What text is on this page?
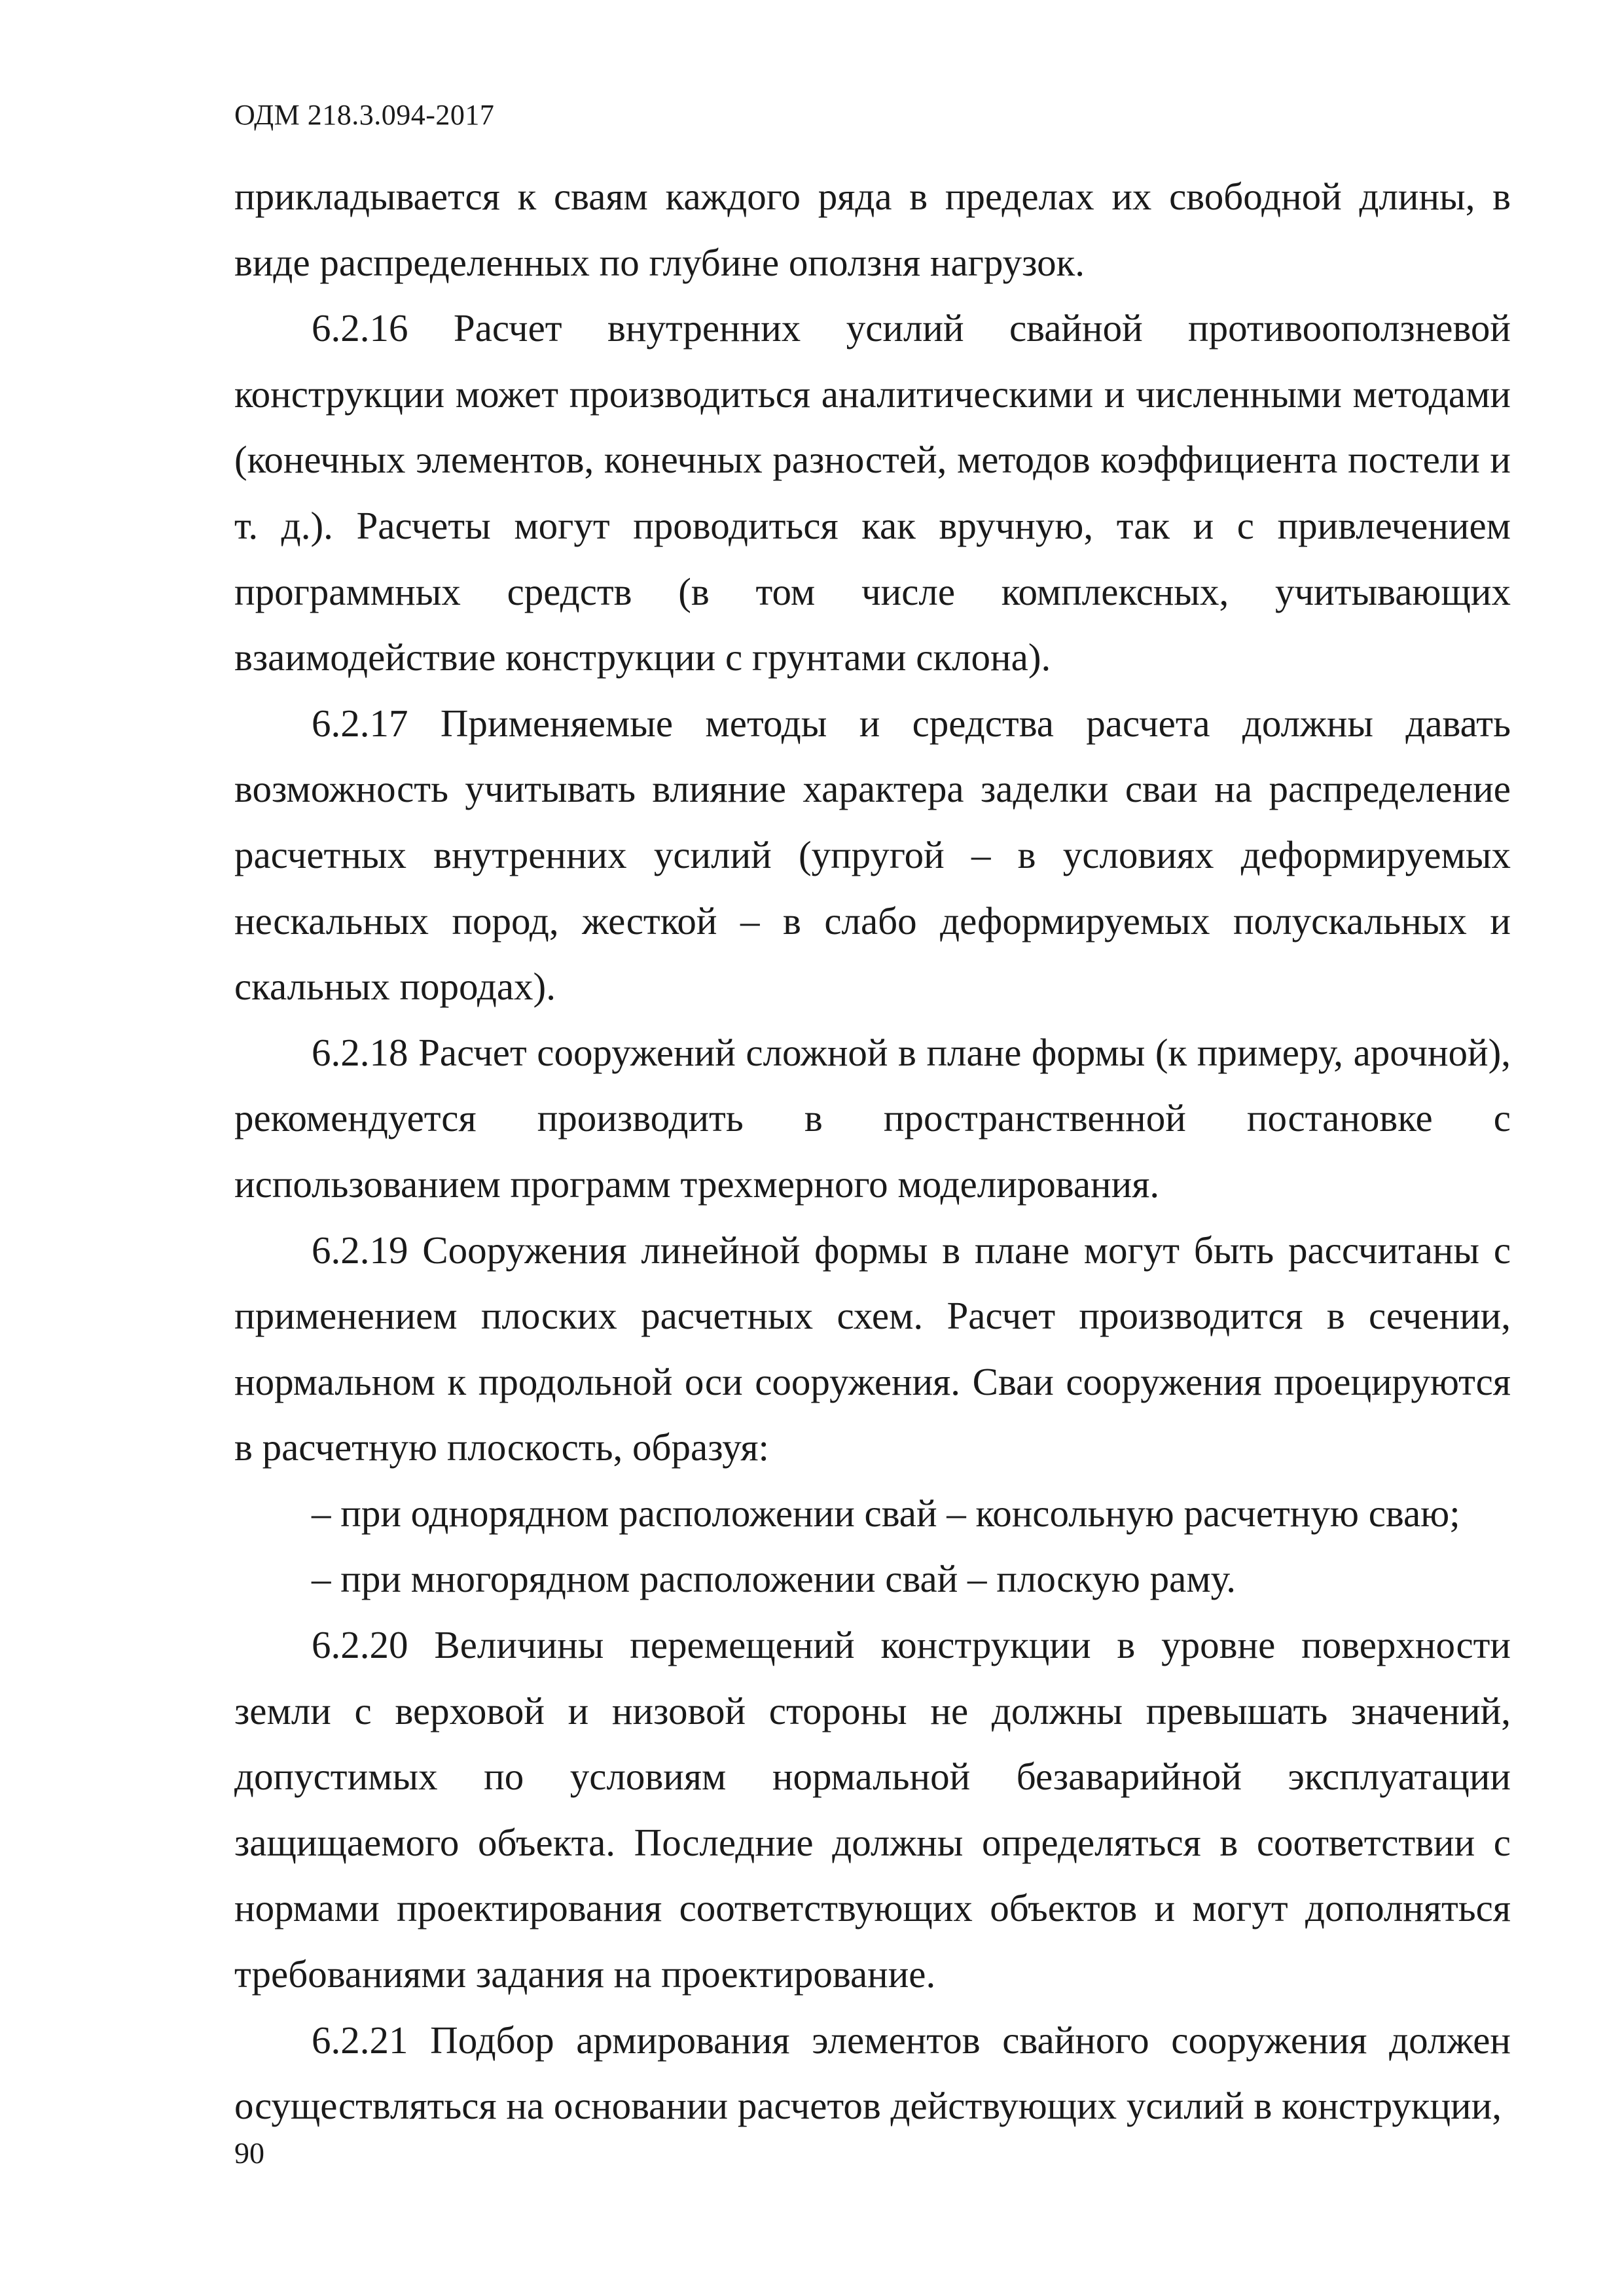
ОДМ 218.3.094-2017

прикладывается к сваям каждого ряда в пределах их свободной длины, в виде распределенных по глубине оползня нагрузок.

6.2.16 Расчет внутренних усилий свайной противооползневой конструкции может производиться аналитическими и численными методами (конечных элементов, конечных разностей, методов коэффициента постели и т. д.). Расчеты могут проводиться как вручную, так и с привлечением программных средств (в том числе комплексных, учитывающих взаимодействие конструкции с грунтами склона).

6.2.17 Применяемые методы и средства расчета должны давать возможность учитывать влияние характера заделки сваи на распределение расчетных внутренних усилий (упругой – в условиях деформируемых нескальных пород, жесткой – в слабо деформируемых полускальных и скальных породах).

6.2.18 Расчет сооружений сложной в плане формы (к примеру, арочной), рекомендуется производить в пространственной постановке с использованием программ трехмерного моделирования.

6.2.19 Сооружения линейной формы в плане могут быть рассчитаны с применением плоских расчетных схем. Расчет производится в сечении, нормальном к продольной оси сооружения. Сваи сооружения проецируются в расчетную плоскость, образуя:

– при однорядном расположении свай – консольную расчетную сваю;

– при многорядном расположении свай – плоскую раму.

6.2.20 Величины перемещений конструкции в уровне поверхности земли с верховой и низовой стороны не должны превышать значений, допустимых по условиям нормальной безаварийной эксплуатации защищаемого объекта. Последние должны определяться в соответствии с нормами проектирования соответствующих объектов и могут дополняться требованиями задания на проектирование.

6.2.21 Подбор армирования элементов свайного сооружения должен осуществляться на основании расчетов действующих усилий в конструкции,

90
